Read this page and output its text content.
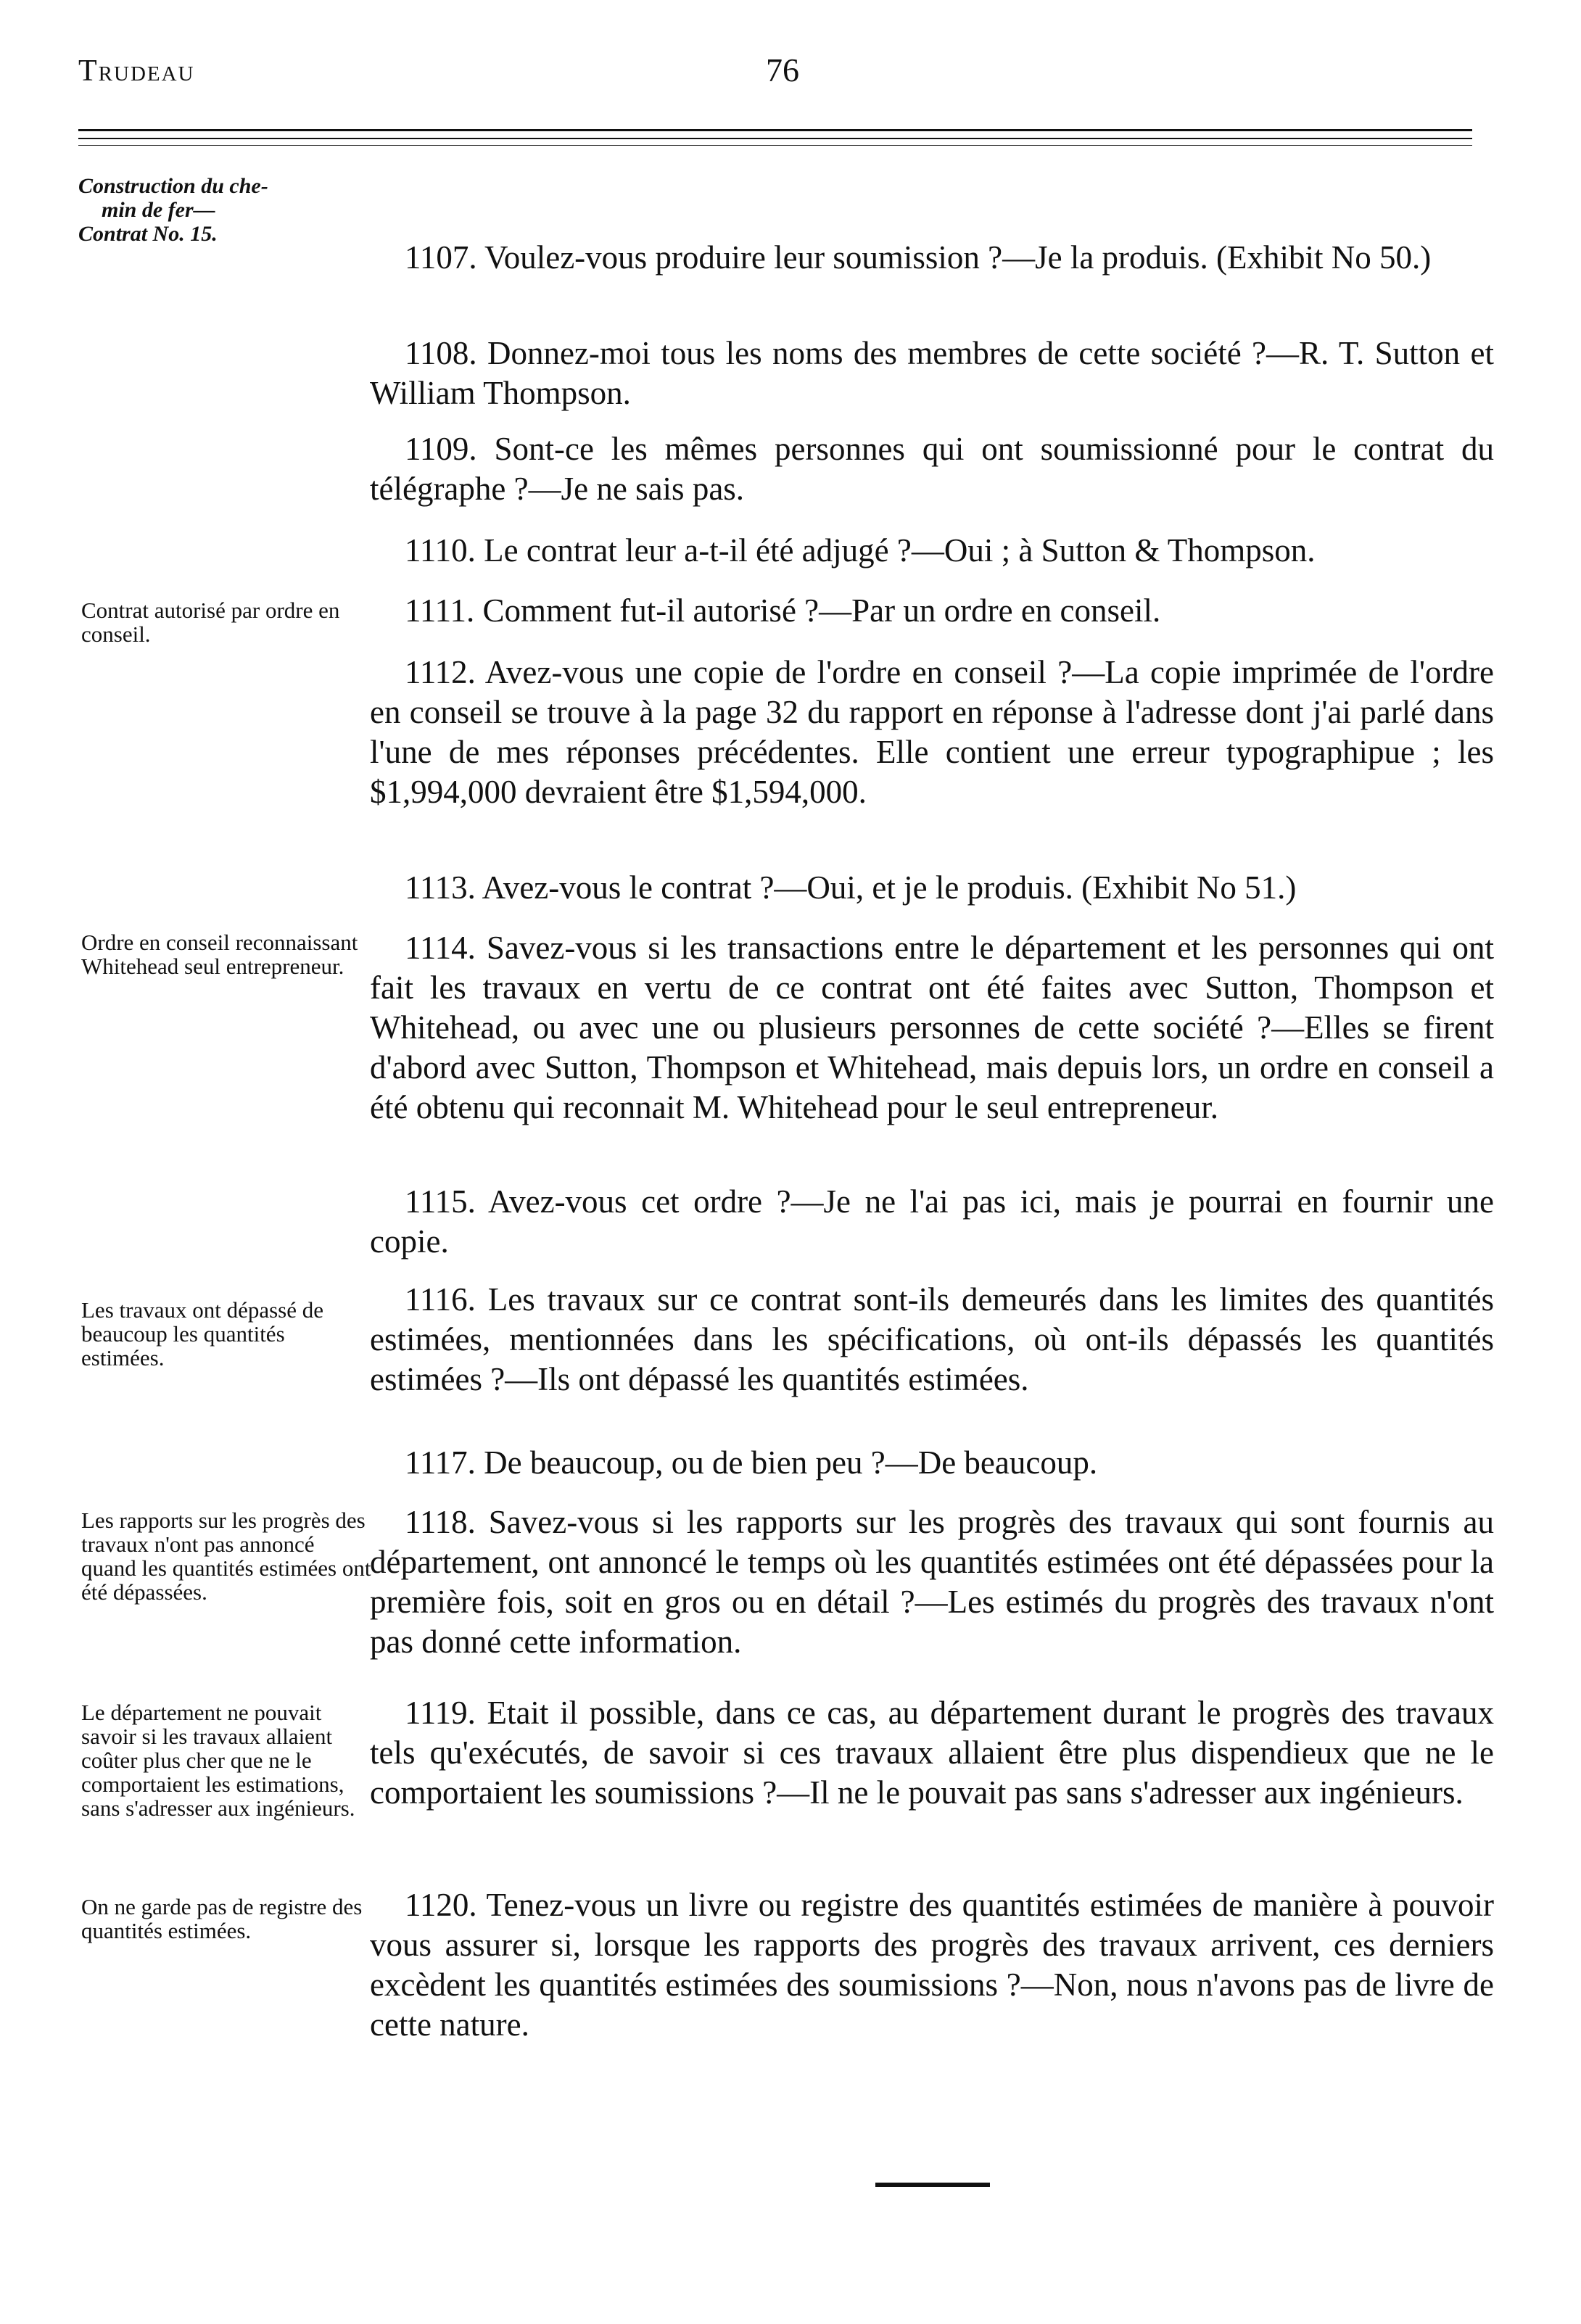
Trudeau	76
Construction du che-

min de fer—
Contrat No. 15.
Contrat autorisé par ordre en conseil.
Ordre en conseil reconnaissant Whitehead seul entrepreneur.
Les travaux ont dépassé de beaucoup les quantités estimées.
Les rapports sur les progrès des travaux n'ont pas annoncé quand les quantités estimées ont été dépassées.
Le département ne pouvait savoir si les travaux allaient coûter plus cher que ne le comportaient les estimations, sans s'adresser aux ingénieurs.
On ne garde pas de registre des quantités estimées.

1107. Voulez-vous produire leur soumission ?—Je la produis. (Exhibit No 50.)

1108. Donnez-moi tous les noms des membres de cette société ?—R. T. Sutton et William Thompson.

1109. Sont-ce les mêmes personnes qui ont soumissionné pour le contrat du télégraphe ?—Je ne sais pas.

1110. Le contrat leur a-t-il été adjugé ?—Oui ; à Sutton & Thompson.

1111. Comment fut-il autorisé ?—Par un ordre en conseil.

1112. Avez-vous une copie de l'ordre en conseil ?—La copie imprimée de l'ordre en conseil se trouve à la page 32 du rapport en réponse à l'adresse dont j'ai parlé dans l'une de mes réponses précédentes. Elle contient une erreur typographipue ; les $1,994,000 devraient être $1,594,000.

1113. Avez-vous le contrat ?—Oui, et je le produis. (Exhibit No 51.)

1114. Savez-vous si les transactions entre le département et les personnes qui ont fait les travaux en vertu de ce contrat ont été faites avec Sutton, Thompson et Whitehead, ou avec une ou plusieurs personnes de cette société ?—Elles se firent d'abord avec Sutton, Thompson et Whitehead, mais depuis lors, un ordre en conseil a été obtenu qui reconnait M. Whitehead pour le seul entrepreneur.

1115. Avez-vous cet ordre ?—Je ne l'ai pas ici, mais je pourrai en fournir une copie.

1116. Les travaux sur ce contrat sont-ils demeurés dans les limites des quantités estimées, mentionnées dans les spécifications, où ont-ils dépassés les quantités estimées ?—Ils ont dépassé les quantités estimées.

1117. De beaucoup, ou de bien peu ?—De beaucoup.

1118. Savez-vous si les rapports sur les progrès des travaux qui sont fournis au département, ont annoncé le temps où les quantités estimées ont été dépassées pour la première fois, soit en gros ou en détail ?—Les estimés du progrès des travaux n'ont pas donné cette information.

1119. Etait il possible, dans ce cas, au département durant le progrès des travaux tels qu'exécutés, de savoir si ces travaux allaient être plus dispendieux que ne le comportaient les soumissions ?—Il ne le pouvait pas sans s'adresser aux ingénieurs.

1120. Tenez-vous un livre ou registre des quantités estimées de manière à pouvoir vous assurer si, lorsque les rapports des progrès des travaux arrivent, ces derniers excèdent les quantités estimées des soumissions ?—Non, nous n'avons pas de livre de cette nature.
